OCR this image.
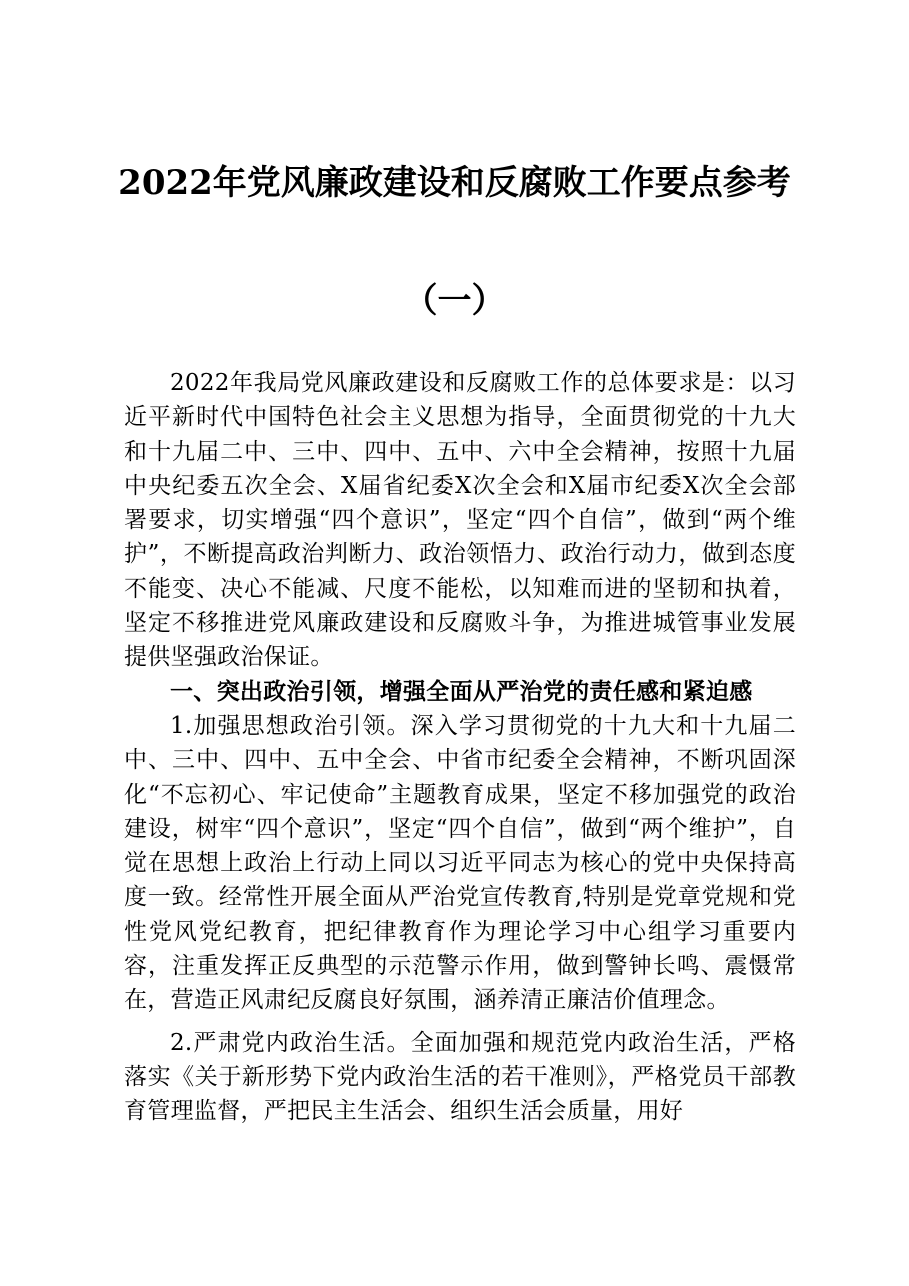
2022年党风廉政建设和反腐败工作要点参考
（一）

2022年我局党风廉政建设和反腐败工作的总体要求是：以习近平新时代中国特色社会主义思想为指导，全面贯彻党的十九大和十九届二中、三中、四中、五中、六中全会精神，按照十九届中央纪委五次全会、X届省纪委X次全会和X届市纪委X次全会部署要求，切实增强“四个意识”，坚定“四个自信”，做到“两个维护”，不断提高政治判断力、政治领悟力、政治行动力，做到态度不能变、决心不能减、尺度不能松，以知难而进的坚韧和执着，坚定不移推进党风廉政建设和反腐败斗争，为推进城管事业发展提供坚强政治保证。

一、突出政治引领，增强全面从严治党的责任感和紧迫感

1.加强思想政治引领。深入学习贯彻党的十九大和十九届二中、三中、四中、五中全会、中省市纪委全会精神，不断巩固深化“不忘初心、牢记使命”主题教育成果，坚定不移加强党的政治建设，树牢“四个意识”，坚定“四个自信”，做到“两个维护”，自觉在思想上政治上行动上同以习近平同志为核心的党中央保持高度一致。经常性开展全面从严治党宣传教育,特别是党章党规和党性党风党纪教育，把纪律教育作为理论学习中心组学习重要内容，注重发挥正反典型的示范警示作用，做到警钟长鸣、震慑常在，营造正风肃纪反腐良好氛围，涵养清正廉洁价值理念。

2.严肃党内政治生活。全面加强和规范党内政治生活，严格落实《关于新形势下党内政治生活的若干准则》，严格党员干部教育管理监督，严把民主生活会、组织生活会质量，用好
